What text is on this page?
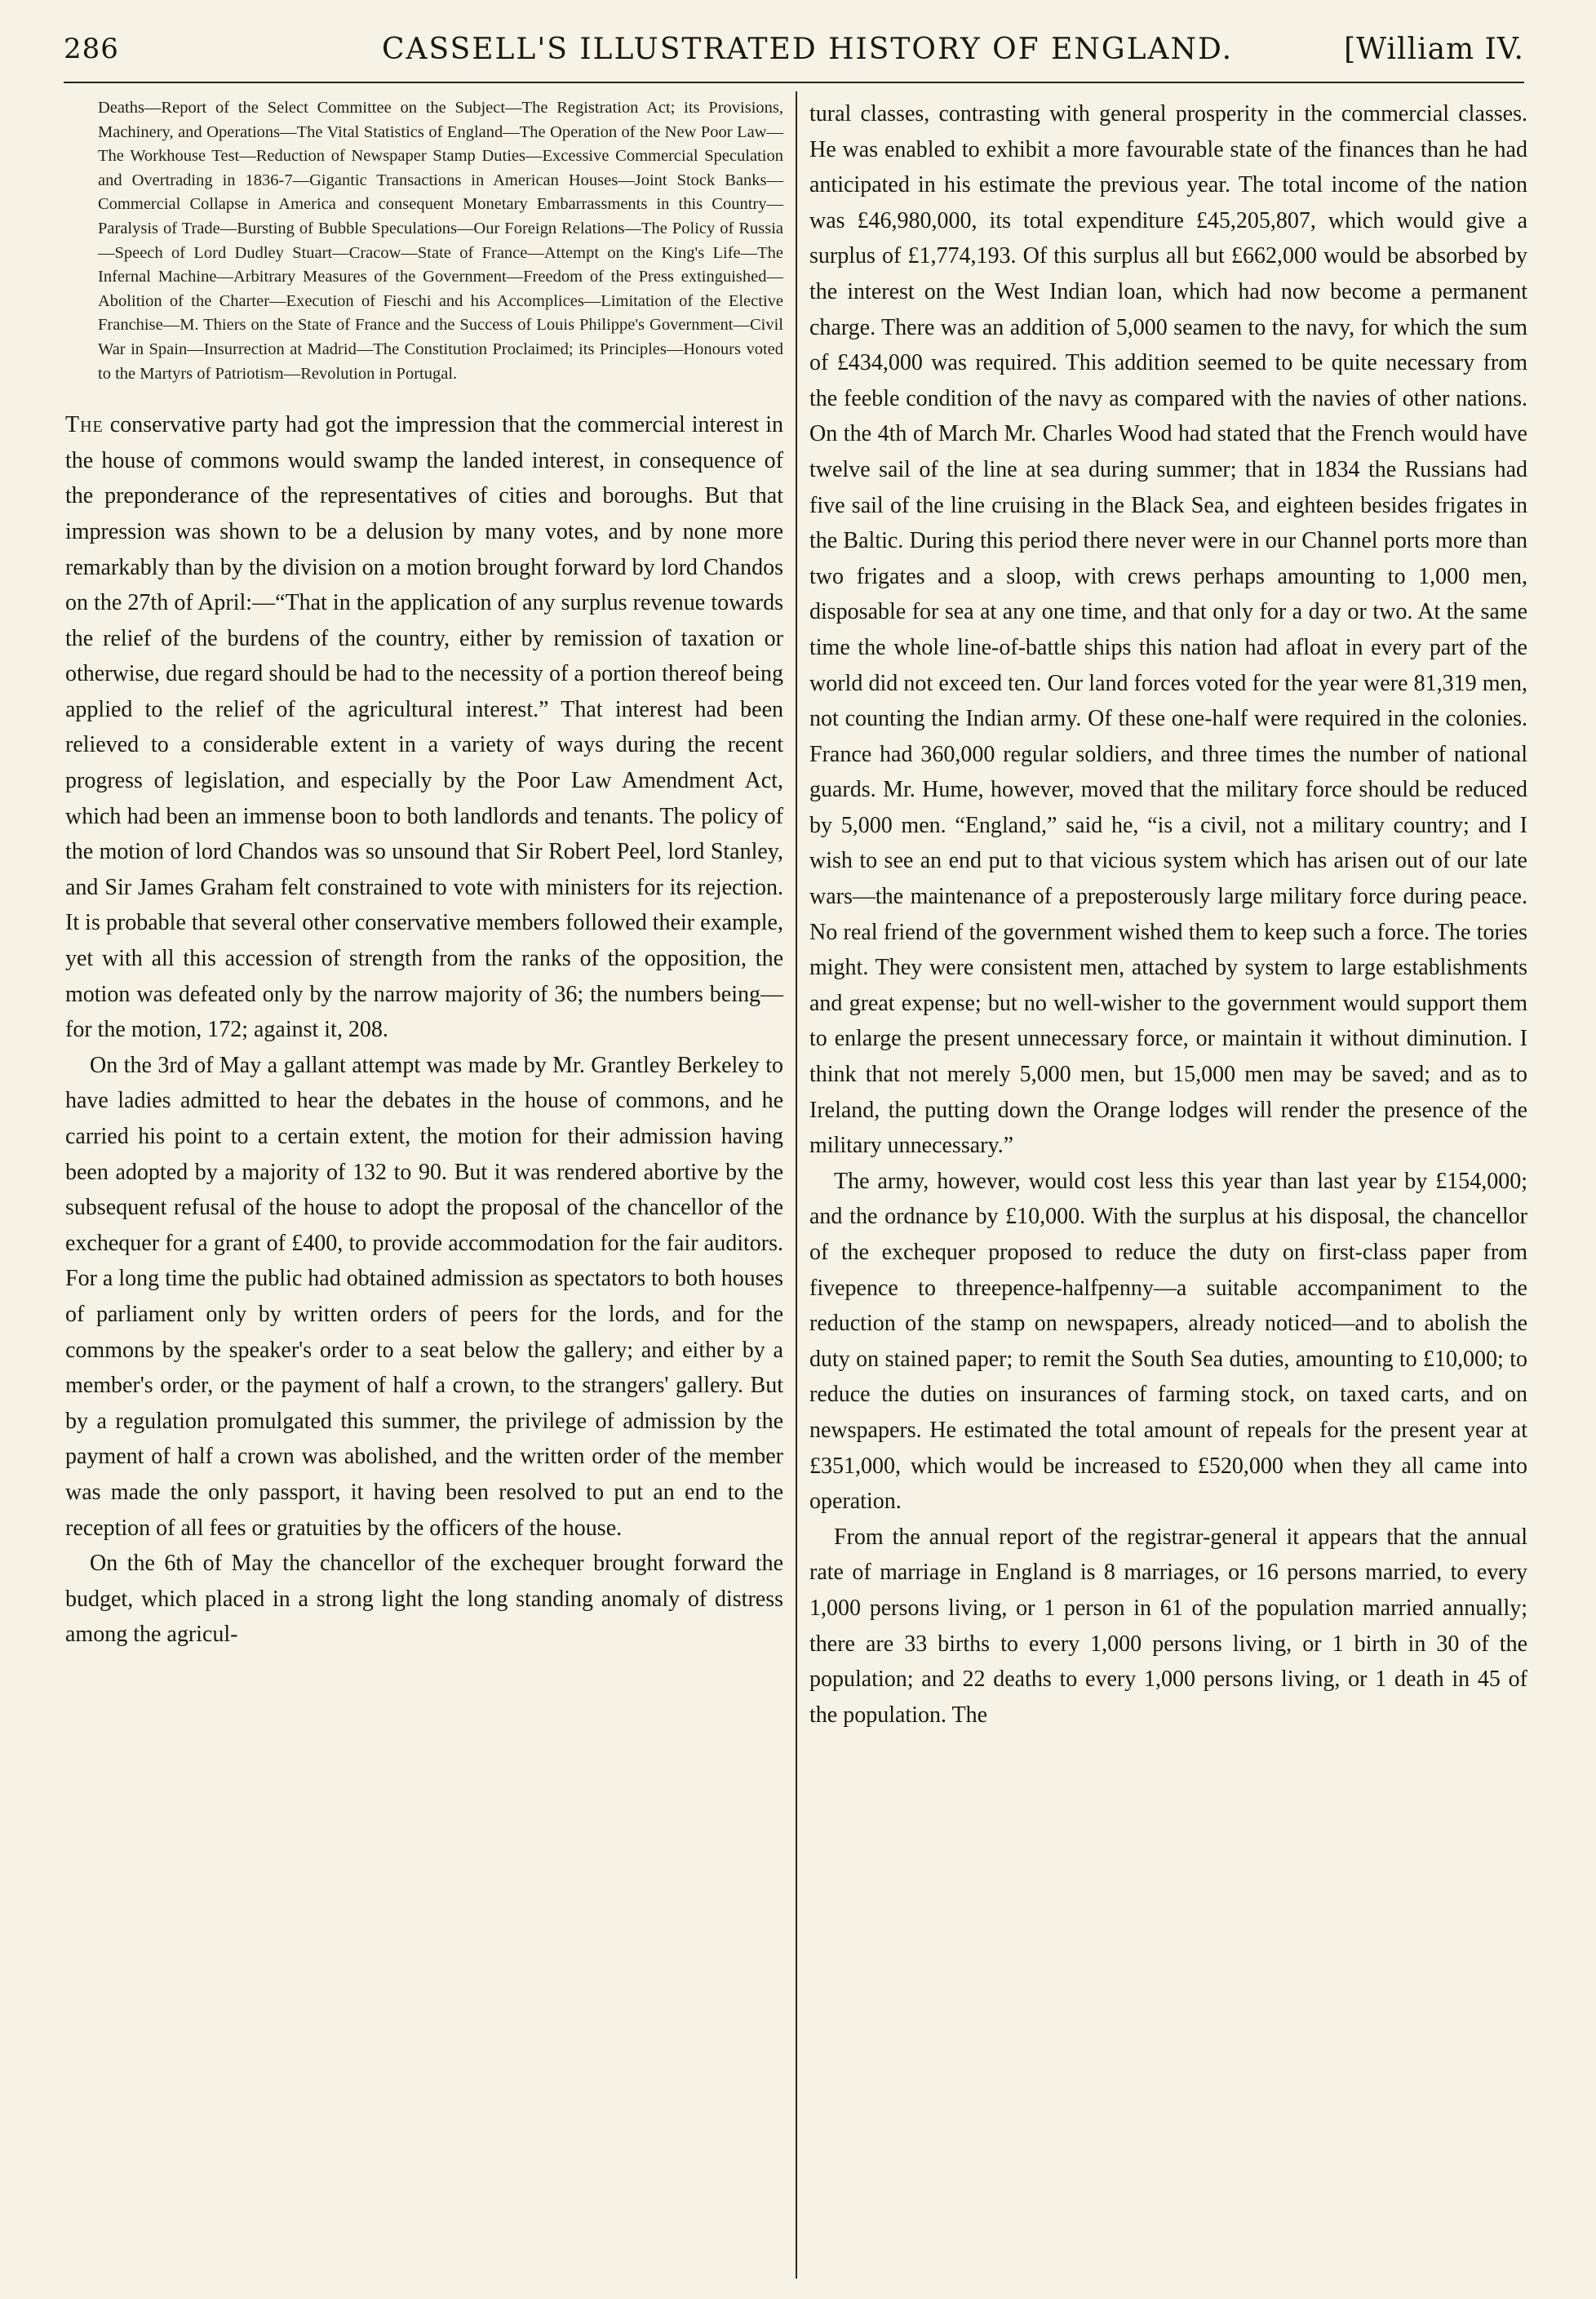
286	CASSELL'S ILLUSTRATED HISTORY OF ENGLAND.	[William IV.
Deaths—Report of the Select Committee on the Subject—The Registration Act; its Provisions, Machinery, and Operations—The Vital Statistics of England—The Operation of the New Poor Law—The Workhouse Test—Reduction of Newspaper Stamp Duties—Excessive Commercial Speculation and Overtrading in 1836-7—Gigantic Transactions in American Houses—Joint Stock Banks—Commercial Collapse in America and consequent Monetary Embarrassments in this Country—Paralysis of Trade—Bursting of Bubble Speculations—Our Foreign Relations—The Policy of Russia—Speech of Lord Dudley Stuart—Cracow—State of France—Attempt on the King's Life—The Infernal Machine—Arbitrary Measures of the Government—Freedom of the Press extinguished—Abolition of the Charter—Execution of Fieschi and his Accomplices—Limitation of the Elective Franchise—M. Thiers on the State of France and the Success of Louis Philippe's Government—Civil War in Spain—Insurrection at Madrid—The Constitution Proclaimed; its Principles—Honours voted to the Martyrs of Patriotism—Revolution in Portugal.

The conservative party had got the impression that the commercial interest in the house of commons would swamp the landed interest, in consequence of the preponderance of the representatives of cities and boroughs. But that impression was shown to be a delusion by many votes, and by none more remarkably than by the division on a motion brought forward by lord Chandos on the 27th of April:—“That in the application of any surplus revenue towards the relief of the burdens of the country, either by remission of taxation or otherwise, due regard should be had to the necessity of a portion thereof being applied to the relief of the agricultural interest.” That interest had been relieved to a considerable extent in a variety of ways during the recent progress of legislation, and especially by the Poor Law Amendment Act, which had been an immense boon to both landlords and tenants. The policy of the motion of lord Chandos was so unsound that Sir Robert Peel, lord Stanley, and Sir James Graham felt constrained to vote with ministers for its rejection. It is probable that several other conservative members followed their example, yet with all this accession of strength from the ranks of the opposition, the motion was defeated only by the narrow majority of 36; the numbers being—for the motion, 172; against it, 208.

On the 3rd of May a gallant attempt was made by Mr. Grantley Berkeley to have ladies admitted to hear the debates in the house of commons, and he carried his point to a certain extent, the motion for their admission having been adopted by a majority of 132 to 90. But it was rendered abortive by the subsequent refusal of the house to adopt the proposal of the chancellor of the exchequer for a grant of £400, to provide accommodation for the fair auditors. For a long time the public had obtained admission as spectators to both houses of parliament only by written orders of peers for the lords, and for the commons by the speaker's order to a seat below the gallery; and either by a member's order, or the payment of half a crown, to the strangers' gallery. But by a regulation promulgated this summer, the privilege of admission by the payment of half a crown was abolished, and the written order of the member was made the only passport, it having been resolved to put an end to the reception of all fees or gratuities by the officers of the house.

On the 6th of May the chancellor of the exchequer brought forward the budget, which placed in a strong light the long standing anomaly of distress among the agricul-

tural classes, contrasting with general prosperity in the commercial classes. He was enabled to exhibit a more favourable state of the finances than he had anticipated in his estimate the previous year. The total income of the nation was £46,980,000, its total expenditure £45,205,807, which would give a surplus of £1,774,193. Of this surplus all but £662,000 would be absorbed by the interest on the West Indian loan, which had now become a permanent charge. There was an addition of 5,000 seamen to the navy, for which the sum of £434,000 was required. This addition seemed to be quite necessary from the feeble condition of the navy as compared with the navies of other nations. On the 4th of March Mr. Charles Wood had stated that the French would have twelve sail of the line at sea during summer; that in 1834 the Russians had five sail of the line cruising in the Black Sea, and eighteen besides frigates in the Baltic. During this period there never were in our Channel ports more than two frigates and a sloop, with crews perhaps amounting to 1,000 men, disposable for sea at any one time, and that only for a day or two. At the same time the whole line-of-battle ships this nation had afloat in every part of the world did not exceed ten. Our land forces voted for the year were 81,319 men, not counting the Indian army. Of these one-half were required in the colonies. France had 360,000 regular soldiers, and three times the number of national guards. Mr. Hume, however, moved that the military force should be reduced by 5,000 men. “England,” said he, “is a civil, not a military country; and I wish to see an end put to that vicious system which has arisen out of our late wars—the maintenance of a preposterously large military force during peace. No real friend of the government wished them to keep such a force. The tories might. They were consistent men, attached by system to large establishments and great expense; but no well-wisher to the government would support them to enlarge the present unnecessary force, or maintain it without diminution. I think that not merely 5,000 men, but 15,000 men may be saved; and as to Ireland, the putting down the Orange lodges will render the presence of the military unnecessary.”

The army, however, would cost less this year than last year by £154,000; and the ordnance by £10,000. With the surplus at his disposal, the chancellor of the exchequer proposed to reduce the duty on first-class paper from fivepence to threepence-halfpenny—a suitable accompaniment to the reduction of the stamp on newspapers, already noticed—and to abolish the duty on stained paper; to remit the South Sea duties, amounting to £10,000; to reduce the duties on insurances of farming stock, on taxed carts, and on newspapers. He estimated the total amount of repeals for the present year at £351,000, which would be increased to £520,000 when they all came into operation.

From the annual report of the registrar-general it appears that the annual rate of marriage in England is 8 marriages, or 16 persons married, to every 1,000 persons living, or 1 person in 61 of the population married annually; there are 33 births to every 1,000 persons living, or 1 birth in 30 of the population; and 22 deaths to every 1,000 persons living, or 1 death in 45 of the population. The
